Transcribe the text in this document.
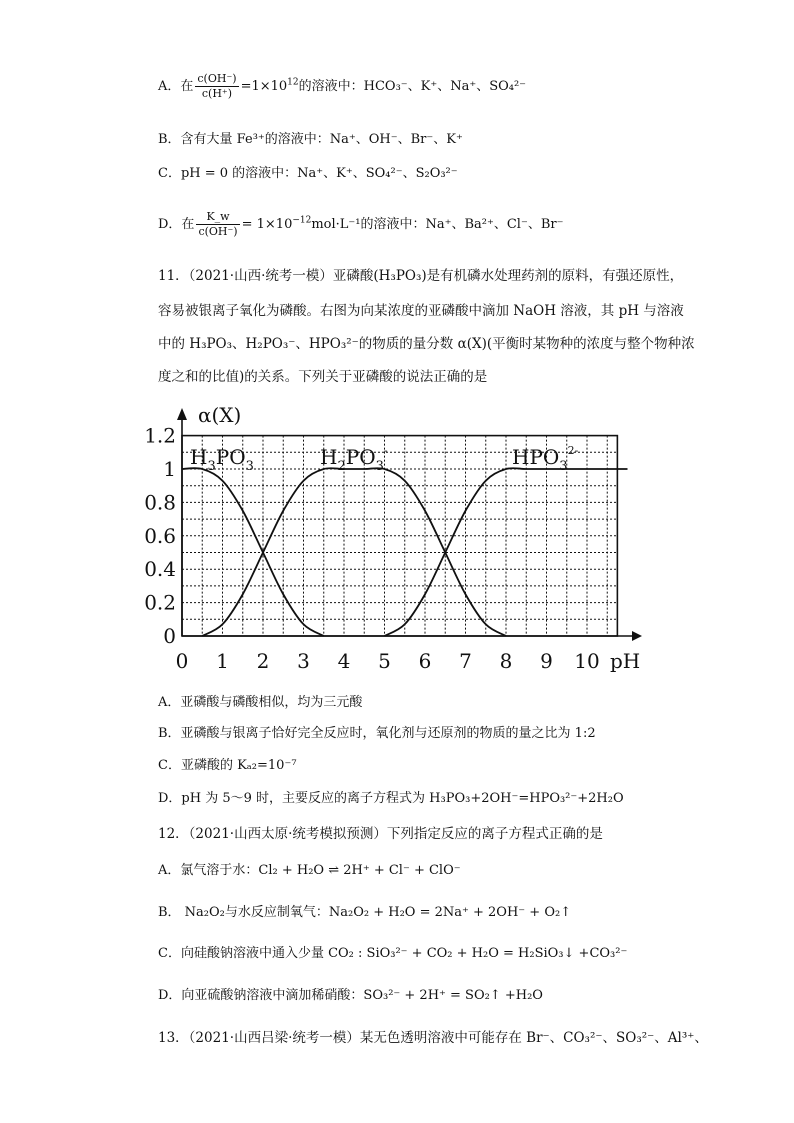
A．在 $\frac{c(OH^-)}{c(H^+)} =1\times 10^{12}$的溶液中：HCO₃⁻、K⁺、Na⁺、SO₄²⁻
B．含有大量 Fe³⁺的溶液中：Na⁺、OH⁻、Br⁻、K⁺
C．pH = 0 的溶液中：Na⁺、K⁺、SO₄²⁻、S₂O₃²⁻
D．在 $\frac{K\_w}{c(OH^-)} = 1\times 10^{-12}mol\cdot L^{-1}$的溶液中：Na⁺、Ba²⁺、Cl⁻、Br⁻
11．（2021·山西·统考一模）亚磷酸(H₃PO₃)是有机磷水处理药剂的原料，有强还原性，
容易被银离子氧化为磷酸。右图为向某浓度的亚磷酸中滴加 NaOH 溶液，其 pH 与溶液
中的 H₃PO₃、H₂PO₃⁻、HPO₃²⁻的物质的量分数 α(X)(平衡时某物种的浓度与整个物种浓
度之和的比值)的关系。下列关于亚磷酸的说法正确的是
0 1 2 3 4 5 6 7 8 9 10
0
0.2
0.4
0.6
0.8
1
1.2
$H_3PO_3$	$H_2PO_3^-$	$HPO_3^{2-}$
α(X)
pH
A．亚磷酸与磷酸相似，均为三元酸
B．亚磷酸与银离子恰好完全反应时，氧化剂与还原剂的物质的量之比为 1:2
C．亚磷酸的 Kₐ₂=10⁻⁷
D．pH 为 5～9 时，主要反应的离子方程式为 H₃PO₃+2OH⁻=HPO₃²⁻+2H₂O
12．（2021·山西太原·统考模拟预测）下列指定反应的离子方程式正确的是
A．氯气溶于水：Cl₂ + H₂O ⇌ 2H⁺ + Cl⁻ + ClO⁻
B． Na₂O₂与水反应制氧气：Na₂O₂ + H₂O = 2Na⁺ + 2OH⁻ + O₂↑
C．向硅酸钠溶液中通入少量 CO₂ : SiO₃²⁻ + CO₂ + H₂O = H₂SiO₃↓ +CO₃²⁻
D．向亚硫酸钠溶液中滴加稀硝酸：SO₃²⁻ + 2H⁺ = SO₂↑ +H₂O
13．（2021·山西吕梁·统考一模）某无色透明溶液中可能存在 Br⁻、CO₃²⁻、SO₃²⁻、Al³⁺、
